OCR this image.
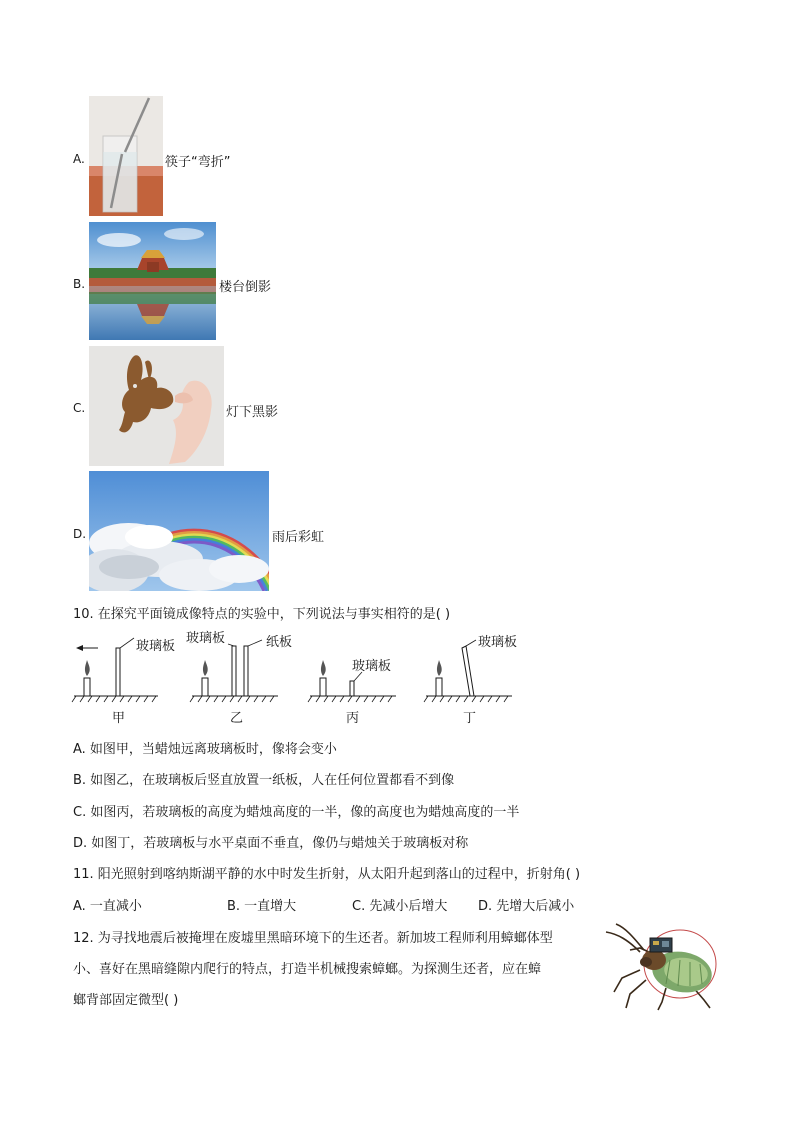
A.	筷子“弯折”
B.	楼台倒影
C.	灯下黑影
D.	雨后彩虹
10. 在探究平面镜成像特点的实验中，下列说法与事实相符的是( )
玻璃板
玻璃板	纸板
玻璃板
玻璃板
甲	乙	丙	丁
A. 如图甲，当蜡烛远离玻璃板时，像将会变小
B. 如图乙，在玻璃板后竖直放置一纸板，人在任何位置都看不到像
C. 如图丙，若玻璃板的高度为蜡烛高度的一半，像的高度也为蜡烛高度的一半
D. 如图丁，若玻璃板与水平桌面不垂直，像仍与蜡烛关于玻璃板对称
11. 阳光照射到喀纳斯湖平静的水中时发生折射，从太阳升起到落山的过程中，折射角( )
A. 一直减小	B. 一直增大	C. 先减小后增大 D. 先增大后减小
12. 为寻找地震后被掩埋在废墟里黑暗环境下的生还者。新加坡工程师利用蟑螂体型
小、喜好在黑暗缝隙内爬行的特点，打造半机械搜索蟑螂。为探测生还者，应在蟑
螂背部固定微型( )
